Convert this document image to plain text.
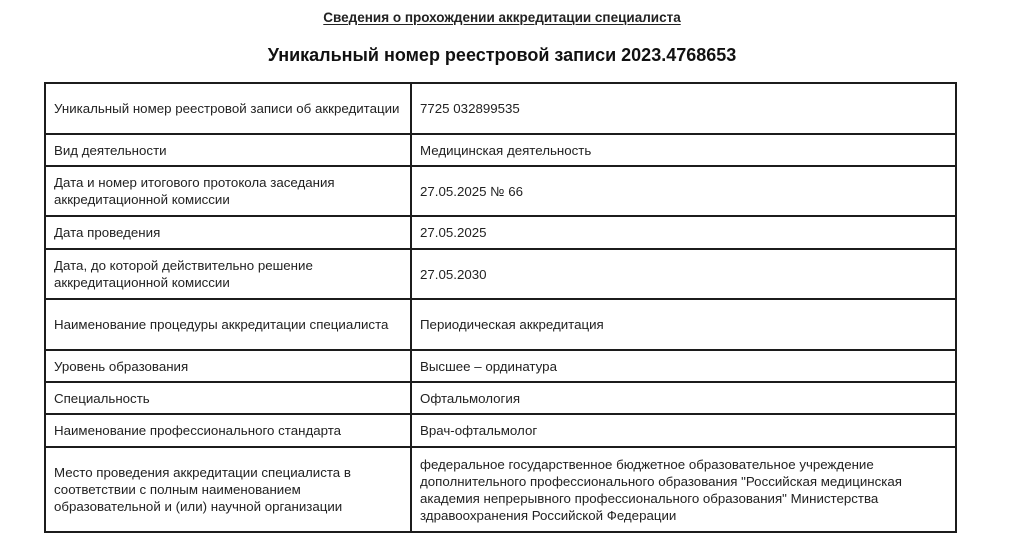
Сведения о прохождении аккредитации специалиста
Уникальный номер реестровой записи 2023.4768653
Уникальный номер реестровой записи об аккредитации	7725 032899535
Вид деятельности	Медицинская деятельность
Дата и номер итогового протокола заседания аккредитационной комиссии	27.05.2025 № 66
Дата проведения	27.05.2025
Дата, до которой действительно решение аккредитационной комиссии	27.05.2030
Наименование процедуры аккредитации специалиста	Периодическая аккредитация
Уровень образования	Высшее – ординатура
Специальность	Офтальмология
Наименование профессионального стандарта	Врач-офтальмолог
Место проведения аккредитации специалиста в соответствии с полным наименованием образовательной и (или) научной организации	федеральное государственное бюджетное образовательное учреждение дополнительного профессионального образования "Российская медицинская академия непрерывного профессионального образования" Министерства здравоохранения Российской Федерации
